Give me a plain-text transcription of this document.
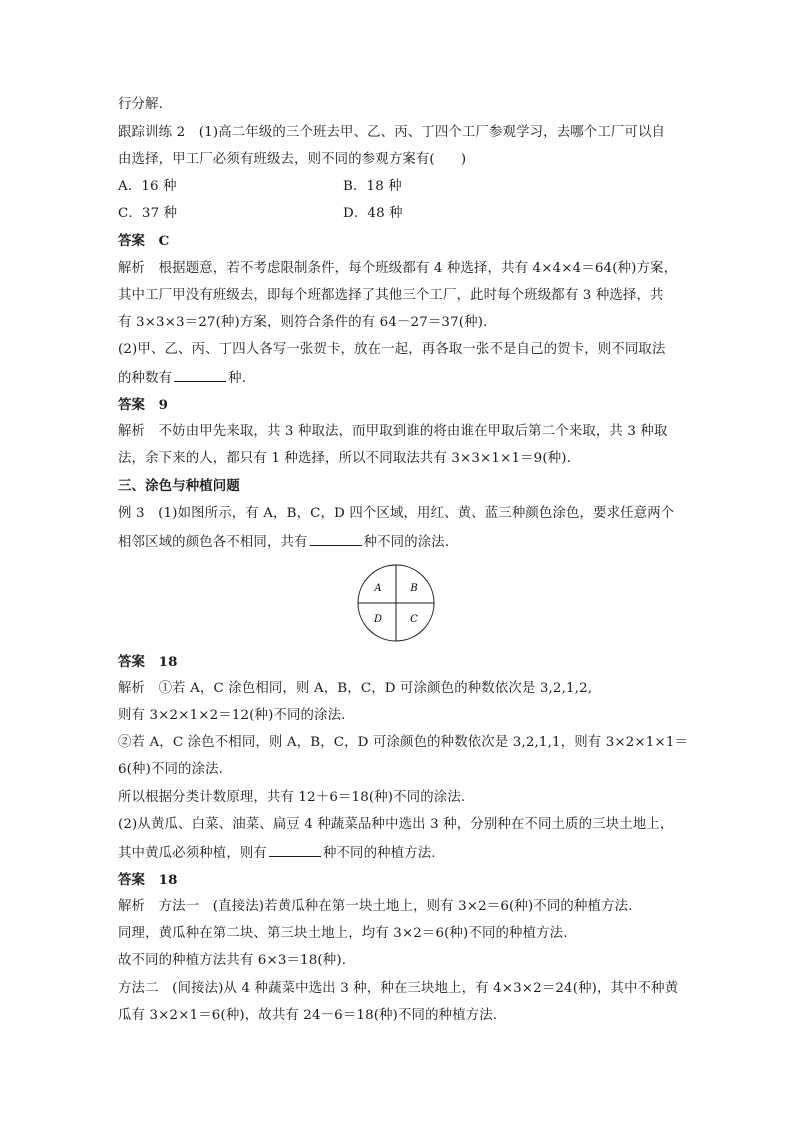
行分解.
跟踪训练 2　(1)高二年级的三个班去甲、乙、丙、丁四个工厂参观学习，去哪个工厂可以自
由选择，甲工厂必须有班级去，则不同的参观方案有( )
A．16 种	B．18 种
C．37 种	D．48 种
答案　C
解析　根据题意，若不考虑限制条件，每个班级都有 4 种选择，共有 4×4×4＝64(种)方案，
其中工厂甲没有班级去，即每个班都选择了其他三个工厂，此时每个班级都有 3 种选择，共
有 3×3×3＝27(种)方案，则符合条件的有 64－27＝37(种).
(2)甲、乙、丙、丁四人各写一张贺卡，放在一起，再各取一张不是自己的贺卡，则不同取法
的种数有	种.
答案　9
解析　不妨由甲先来取，共 3 种取法，而甲取到谁的将由谁在甲取后第二个来取，共 3 种取
法，余下来的人，都只有 1 种选择，所以不同取法共有 3×3×1×1＝9(种).
三、涂色与种植问题
例 3　(1)如图所示，有 A，B，C，D 四个区域，用红、黄、蓝三种颜色涂色，要求任意两个
相邻区域的颜色各不相同，共有	种不同的涂法.
A	B
C
D
答案　18
解析　①若 A，C 涂色相同，则 A，B，C，D 可涂颜色的种数依次是 3,2,1,2,
则有 3×2×1×2＝12(种)不同的涂法.
②若 A，C 涂色不相同，则 A，B，C，D 可涂颜色的种数依次是 3,2,1,1，则有 3×2×1×1＝
6(种)不同的涂法.
所以根据分类计数原理，共有 12＋6＝18(种)不同的涂法.
(2)从黄瓜、白菜、油菜、扁豆 4 种蔬菜品种中选出 3 种，分别种在不同土质的三块土地上，
其中黄瓜必须种植，则有	种不同的种植方法.
答案　18
解析　方法一　(直接法)若黄瓜种在第一块土地上，则有 3×2＝6(种)不同的种植方法.
同理，黄瓜种在第二块、第三块土地上，均有 3×2＝6(种)不同的种植方法.
故不同的种植方法共有 6×3＝18(种).
方法二　(间接法)从 4 种蔬菜中选出 3 种，种在三块地上，有 4×3×2＝24(种)，其中不种黄
瓜有 3×2×1＝6(种)，故共有 24－6＝18(种)不同的种植方法.
